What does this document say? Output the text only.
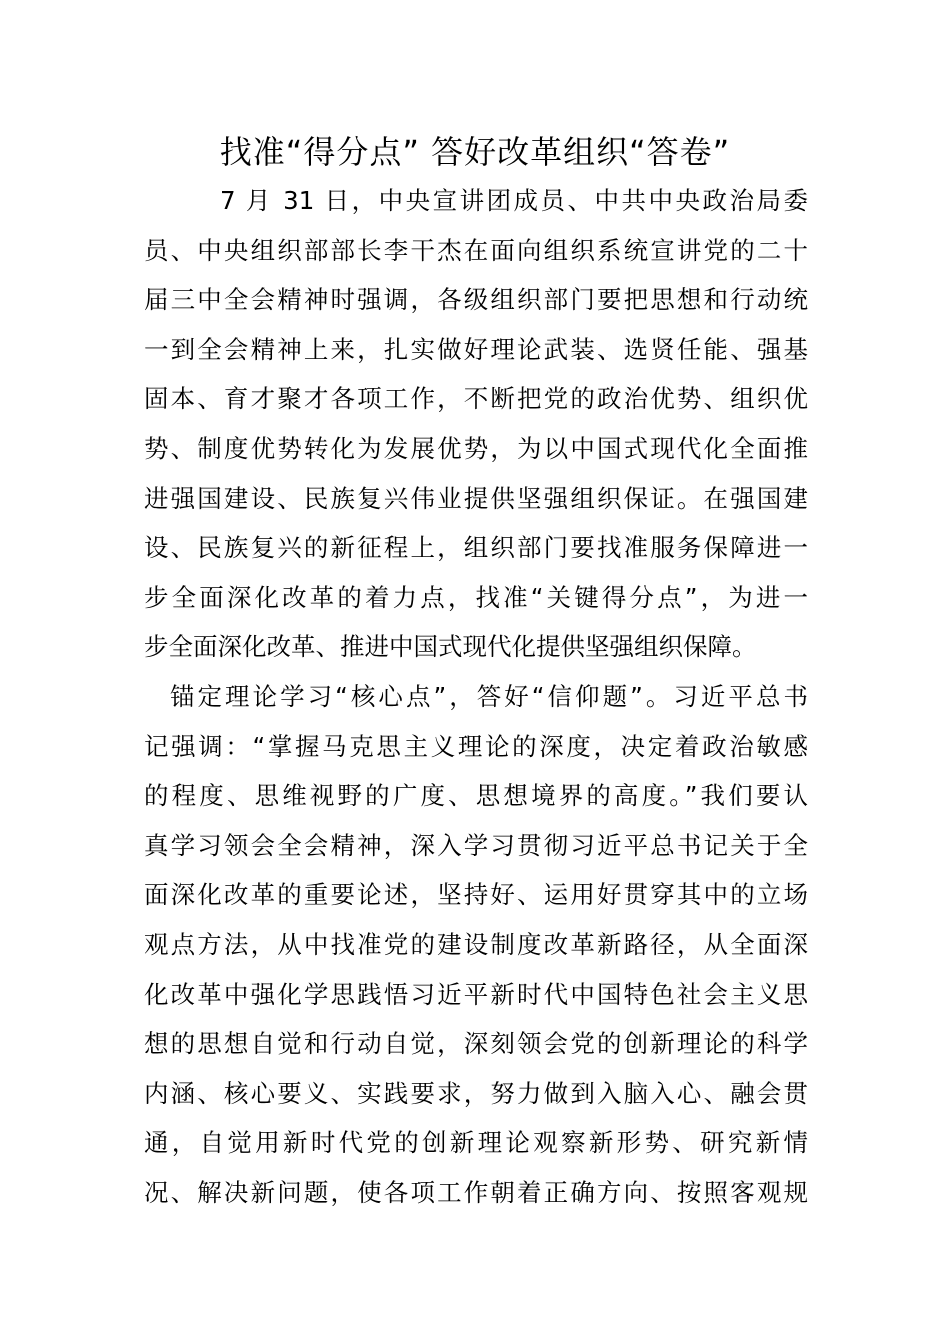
找准“得分点” 答好改革组织“答卷”
7 月 31 日，中央宣讲团成员、中共中央政治局委
员、中央组织部部长李干杰在面向组织系统宣讲党的二十
届三中全会精神时强调，各级组织部门要把思想和行动统
一到全会精神上来，扎实做好理论武装、选贤任能、强基
固本、育才聚才各项工作，不断把党的政治优势、组织优
势、制度优势转化为发展优势，为以中国式现代化全面推
进强国建设、民族复兴伟业提供坚强组织保证。在强国建
设、民族复兴的新征程上，组织部门要找准服务保障进一
步全面深化改革的着力点，找准“关键得分点”，为进一
步全面深化改革、推进中国式现代化提供坚强组织保障。
锚定理论学习“核心点”，答好“信仰题”。习近平总书
记强调：“掌握马克思主义理论的深度，决定着政治敏感
的程度、思维视野的广度、思想境界的高度。”我们要认
真学习领会全会精神，深入学习贯彻习近平总书记关于全
面深化改革的重要论述，坚持好、运用好贯穿其中的立场
观点方法，从中找准党的建设制度改革新路径，从全面深
化改革中强化学思践悟习近平新时代中国特色社会主义思
想的思想自觉和行动自觉，深刻领会党的创新理论的科学
内涵、核心要义、实践要求，努力做到入脑入心、融会贯
通，自觉用新时代党的创新理论观察新形势、研究新情
况、解决新问题，使各项工作朝着正确方向、按照客观规
